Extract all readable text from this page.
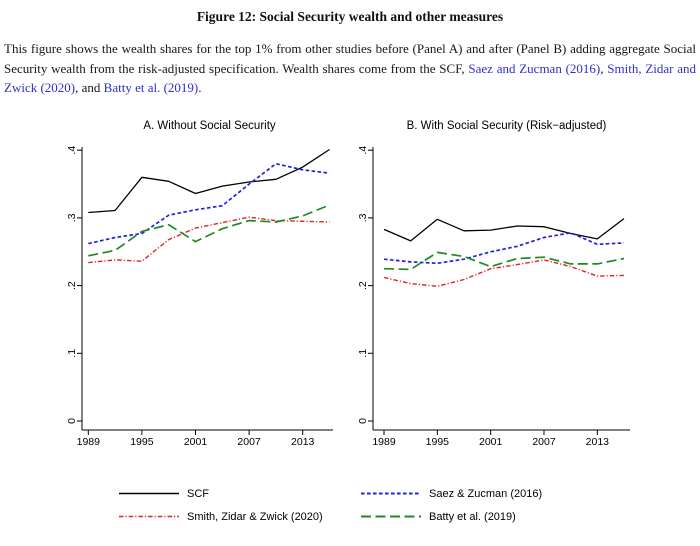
Figure 12: Social Security wealth and other measures

This figure shows the wealth shares for the top 1% from other studies before (Panel A) and after (Panel B) adding aggregate Social Security wealth from the risk-adjusted specification. Wealth shares come from the SCF, Saez and Zucman (2016), Smith, Zidar and Zwick (2020), and Batty et al. (2019).

0
.1
.2
.3
.4
1989	1995	2001	2007	2013
0
.1
.2
.3
.4
1989	1995	2001	2007	2013
A. Without Social Security	B. With Social Security (Risk−adjusted)
SCF	Saez & Zucman (2016)
Smith, Zidar & Zwick (2020)	Batty et al. (2019)
